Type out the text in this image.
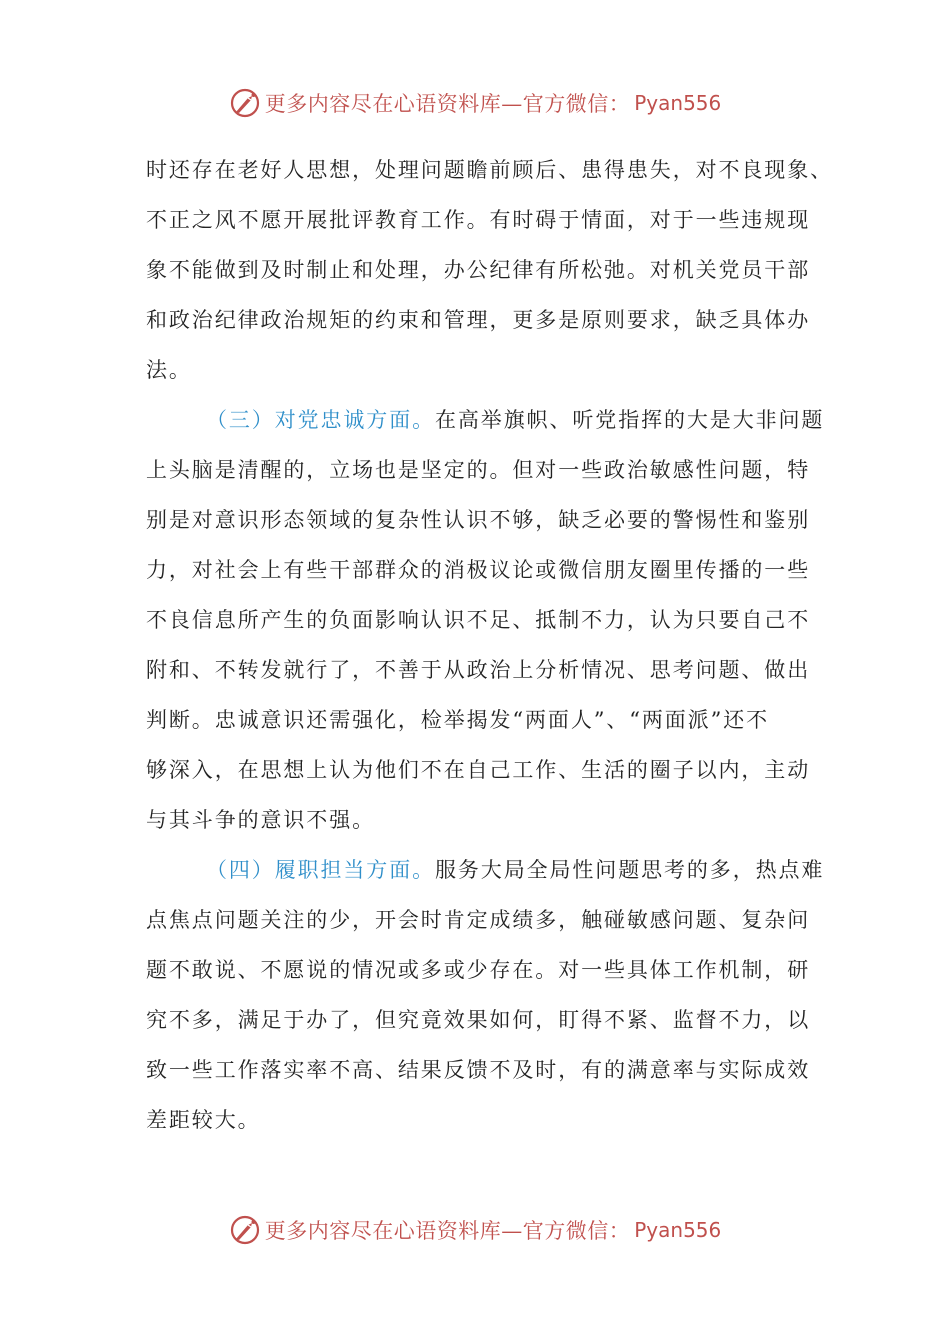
更多内容尽在心语资料库—官方微信： Pyan556
时还存在老好人思想，处理问题瞻前顾后、患得患失，对不良现象、
不正之风不愿开展批评教育工作。有时碍于情面，对于一些违规现
象不能做到及时制止和处理，办公纪律有所松弛。对机关党员干部
和政治纪律政治规矩的约束和管理，更多是原则要求，缺乏具体办
法。
（三）对党忠诚方面。在高举旗帜、听党指挥的大是大非问题
上头脑是清醒的，立场也是坚定的。但对一些政治敏感性问题，特
别是对意识形态领域的复杂性认识不够，缺乏必要的警惕性和鉴别
力，对社会上有些干部群众的消极议论或微信朋友圈里传播的一些
不良信息所产生的负面影响认识不足、抵制不力，认为只要自己不
附和、不转发就行了，不善于从政治上分析情况、思考问题、做出
判断。忠诚意识还需强化，检举揭发“两面人”、“两面派”还不
够深入，在思想上认为他们不在自己工作、生活的圈子以内，主动
与其斗争的意识不强。
（四）履职担当方面。服务大局全局性问题思考的多，热点难
点焦点问题关注的少，开会时肯定成绩多，触碰敏感问题、复杂问
题不敢说、不愿说的情况或多或少存在。对一些具体工作机制，研
究不多，满足于办了，但究竟效果如何，盯得不紧、监督不力，以
致一些工作落实率不高、结果反馈不及时，有的满意率与实际成效
差距较大。
更多内容尽在心语资料库—官方微信： Pyan556
